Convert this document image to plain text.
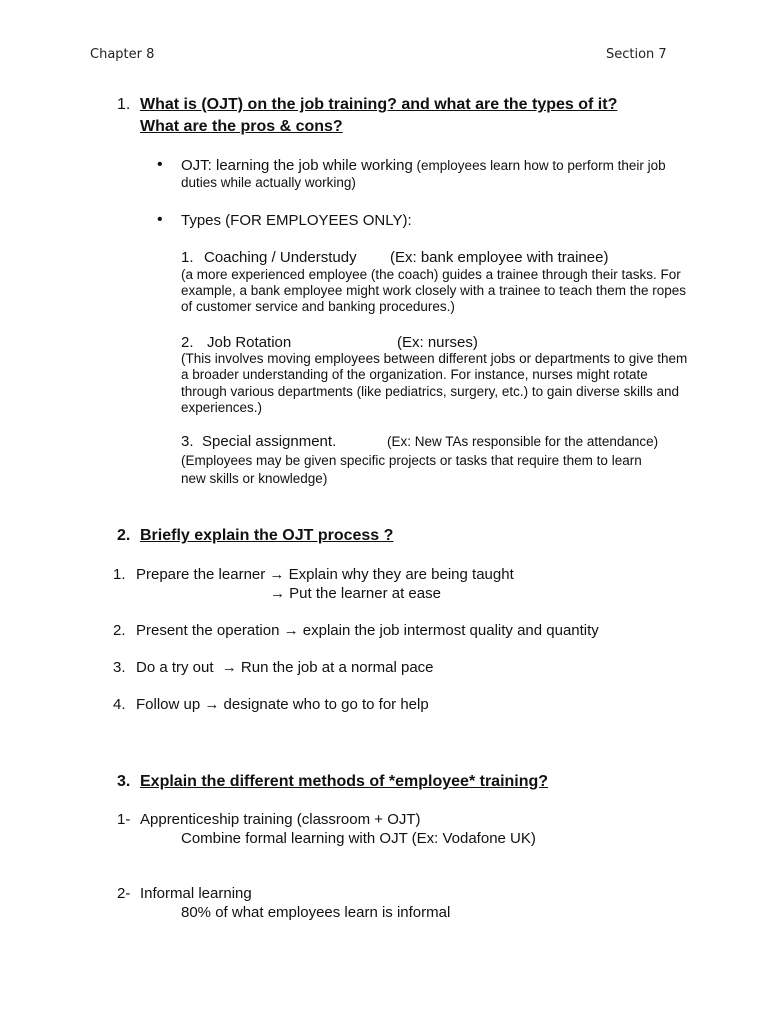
Chapter 8	Section 7
1. What is (OJT) on the job training? and what are the types of it?
What are the pros & cons?
• OJT: learning the job while working (employees learn how to perform their job
duties while actually working)
• Types (FOR EMPLOYEES ONLY):
1. Coaching / Understudy (Ex: bank employee with trainee)
(a more experienced employee (the coach) guides a trainee through their tasks. For
example, a bank employee might work closely with a trainee to teach them the ropes
of customer service and banking procedures.)
2. Job Rotation	(Ex: nurses)
(This involves moving employees between different jobs or departments to give them
a broader understanding of the organization. For instance, nurses might rotate
through various departments (like pediatrics, surgery, etc.) to gain diverse skills and
experiences.)
3. Special assignment.	(Ex: New TAs responsible for the attendance)
(Employees may be given specific projects or tasks that require them to learn
new skills or knowledge)
2. Briefly explain the OJT process ?
1. Prepare the learner → Explain why they are being taught
→ Put the learner at ease
2. Present the operation → explain the job intermost quality and quantity
3. Do a try out → Run the job at a normal pace
4. Follow up → designate who to go to for help
3. Explain the different methods of *employee* training?
1- Apprenticeship training (classroom + OJT)
Combine formal learning with OJT (Ex: Vodafone UK)
2- Informal learning
80% of what employees learn is informal
